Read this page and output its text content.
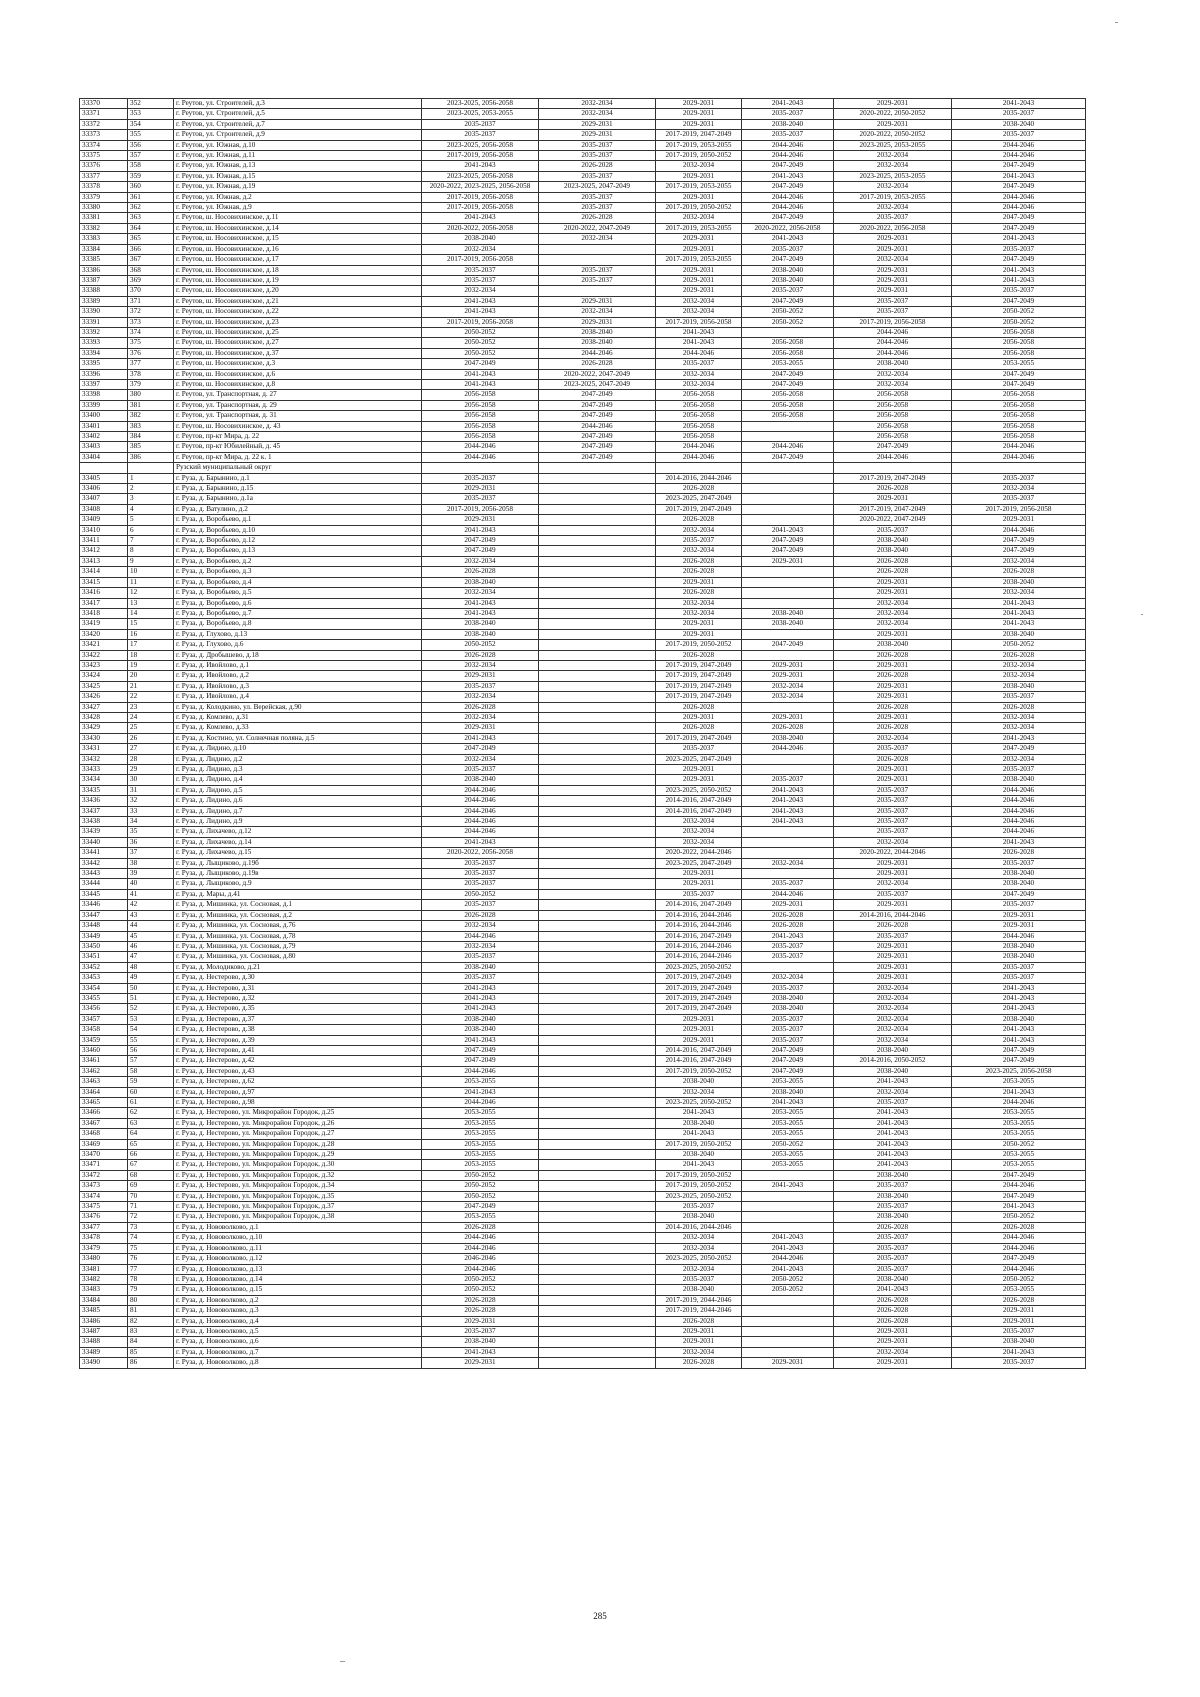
33370	352	г. Реутов, ул. Строителей, д.3	2023-2025, 2056-2058	2032-2034	2029-2031	2041-2043	2029-2031	2041-2043
33371	353	г. Реутов, ул. Строителей, д.5	2023-2025, 2053-2055	2032-2034	2029-2031	2035-2037	2020-2022, 2050-2052	2035-2037
33372	354	г. Реутов, ул. Строителей, д.7	2035-2037	2029-2031	2029-2031	2038-2040	2029-2031	2038-2040
33373	355	г. Реутов, ул. Строителей, д.9	2035-2037	2029-2031	2017-2019, 2047-2049	2035-2037	2020-2022, 2050-2052	2035-2037
33374	356	г. Реутов, ул. Южная, д.10	2023-2025, 2056-2058	2035-2037	2017-2019, 2053-2055	2044-2046	2023-2025, 2053-2055	2044-2046
33375	357	г. Реутов, ул. Южная, д.11	2017-2019, 2056-2058	2035-2037	2017-2019, 2050-2052	2044-2046	2032-2034	2044-2046
33376	358	г. Реутов, ул. Южная, д.13	2041-2043	2026-2028	2032-2034	2047-2049	2032-2034	2047-2049
33377	359	г. Реутов, ул. Южная, д.15	2023-2025, 2056-2058	2035-2037	2029-2031	2041-2043	2023-2025, 2053-2055	2041-2043
33378	360	г. Реутов, ул. Южная, д.19	2020-2022, 2023-2025, 2056-2058	2023-2025, 2047-2049	2017-2019, 2053-2055	2047-2049	2032-2034	2047-2049
33379	361	г. Реутов, ул. Южная, д.2	2017-2019, 2056-2058	2035-2037	2029-2031	2044-2046	2017-2019, 2053-2055	2044-2046
33380	362	г. Реутов, ул. Южная, д.9	2017-2019, 2056-2058	2035-2037	2017-2019, 2050-2052	2044-2046	2032-2034	2044-2046
33381	363	г. Реутов, ш. Носовихинское, д.11	2041-2043	2026-2028	2032-2034	2047-2049	2035-2037	2047-2049
33382	364	г. Реутов, ш. Носовихинское, д.14	2020-2022, 2056-2058	2020-2022, 2047-2049	2017-2019, 2053-2055	2020-2022, 2056-2058	2020-2022, 2056-2058	2047-2049
33383	365	г. Реутов, ш. Носовихинское, д.15	2038-2040	2032-2034	2029-2031	2041-2043	2029-2031	2041-2043
33384	366	г. Реутов, ш. Носовихинское, д.16	2032-2034		2029-2031	2035-2037	2029-2031	2035-2037
33385	367	г. Реутов, ш. Носовихинское, д.17	2017-2019, 2056-2058		2017-2019, 2053-2055	2047-2049	2032-2034	2047-2049
33386	368	г. Реутов, ш. Носовихинское, д.18	2035-2037	2035-2037	2029-2031	2038-2040	2029-2031	2041-2043
33387	369	г. Реутов, ш. Носовихинское, д.19	2035-2037	2035-2037	2029-2031	2038-2040	2029-2031	2041-2043
33388	370	г. Реутов, ш. Носовихинское, д.20	2032-2034		2029-2031	2035-2037	2029-2031	2035-2037
33389	371	г. Реутов, ш. Носовихинское, д.21	2041-2043	2029-2031	2032-2034	2047-2049	2035-2037	2047-2049
33390	372	г. Реутов, ш. Носовихинское, д.22	2041-2043	2032-2034	2032-2034	2050-2052	2035-2037	2050-2052
33391	373	г. Реутов, ш. Носовихинское, д.23	2017-2019, 2056-2058	2029-2031	2017-2019, 2056-2058	2050-2052	2017-2019, 2056-2058	2050-2052
33392	374	г. Реутов, ш. Носовихинское, д.25	2050-2052	2038-2040	2041-2043		2044-2046	2056-2058
33393	375	г. Реутов, ш. Носовихинское, д.27	2050-2052	2038-2040	2041-2043	2056-2058	2044-2046	2056-2058
33394	376	г. Реутов, ш. Носовихинское, д.37	2050-2052	2044-2046	2044-2046	2056-2058	2044-2046	2056-2058
33395	377	г. Реутов, ш. Носовихинское, д.3	2047-2049	2026-2028	2035-2037	2053-2055	2038-2040	2053-2055
33396	378	г. Реутов, ш. Носовихинское, д.6	2041-2043	2020-2022, 2047-2049	2032-2034	2047-2049	2032-2034	2047-2049
33397	379	г. Реутов, ш. Носовихинское, д.8	2041-2043	2023-2025, 2047-2049	2032-2034	2047-2049	2032-2034	2047-2049
33398	380	г. Реутов, ул. Транспортная, д. 27	2056-2058	2047-2049	2056-2058	2056-2058	2056-2058	2056-2058
33399	381	г. Реутов, ул. Транспортная, д. 29	2056-2058	2047-2049	2056-2058	2056-2058	2056-2058	2056-2058
33400	382	г. Реутов, ул. Транспортная, д. 31	2056-2058	2047-2049	2056-2058	2056-2058	2056-2058	2056-2058
33401	383	г. Реутов, ш. Носовихинское, д. 43	2056-2058	2044-2046	2056-2058		2056-2058	2056-2058
33402	384	г. Реутов, пр-кт Мира, д. 22	2056-2058	2047-2049	2056-2058		2056-2058	2056-2058
33403	385	г. Реутов, пр-кт Юбилейный, д. 45	2044-2046	2047-2049	2044-2046	2044-2046	2047-2049	2044-2046
33404	386	г. Реутов, пр-кт Мира, д. 22 к. 1	2044-2046	2047-2049	2044-2046	2047-2049	2044-2046	2044-2046
		Рузский муниципальный округ						
33405	1	г. Руза, д. Барынино, д.1	2035-2037		2014-2016, 2044-2046		2017-2019, 2047-2049	2035-2037
33406	2	г. Руза, д. Барынино, д.15	2029-2031		2026-2028		2026-2028	2032-2034
33407	3	г. Руза, д. Барынино, д.1а	2035-2037		2023-2025, 2047-2049		2029-2031	2035-2037
33408	4	г. Руза, д. Ватулино, д.2	2017-2019, 2056-2058		2017-2019, 2047-2049		2017-2019, 2047-2049	2017-2019, 2056-2058
33409	5	г. Руза, д. Воробьево, д.1	2029-2031		2026-2028		2020-2022, 2047-2049	2029-2031
33410	6	г. Руза, д. Воробьево, д.10	2041-2043		2032-2034	2041-2043	2035-2037	2044-2046
33411	7	г. Руза, д. Воробьево, д.12	2047-2049		2035-2037	2047-2049	2038-2040	2047-2049
33412	8	г. Руза, д. Воробьево, д.13	2047-2049		2032-2034	2047-2049	2038-2040	2047-2049
33413	9	г. Руза, д. Воробьево, д.2	2032-2034		2026-2028	2029-2031	2026-2028	2032-2034
33414	10	г. Руза, д. Воробьево, д.3	2026-2028		2026-2028		2026-2028	2026-2028
33415	11	г. Руза, д. Воробьево, д.4	2038-2040		2029-2031		2029-2031	2038-2040
33416	12	г. Руза, д. Воробьево, д.5	2032-2034		2026-2028		2029-2031	2032-2034
33417	13	г. Руза, д. Воробьево, д.6	2041-2043		2032-2034		2032-2034	2041-2043
33418	14	г. Руза, д. Воробьево, д.7	2041-2043		2032-2034	2038-2040	2032-2034	2041-2043
33419	15	г. Руза, д. Воробьево, д.8	2038-2040		2029-2031	2038-2040	2032-2034	2041-2043
33420	16	г. Руза, д. Глухово, д.13	2038-2040		2029-2031		2029-2031	2038-2040
33421	17	г. Руза, д. Глухово, д.6	2050-2052		2017-2019, 2050-2052	2047-2049	2038-2040	2050-2052
33422	18	г. Руза, д. Дробышево, д.18	2026-2028		2026-2028		2026-2028	2026-2028
33423	19	г. Руза, д. Ивойлово, д.1	2032-2034		2017-2019, 2047-2049	2029-2031	2029-2031	2032-2034
33424	20	г. Руза, д. Ивойлово, д.2	2029-2031		2017-2019, 2047-2049	2029-2031	2026-2028	2032-2034
33425	21	г. Руза, д. Ивойлово, д.3	2035-2037		2017-2019, 2047-2049	2032-2034	2029-2031	2038-2040
33426	22	г. Руза, д. Ивойлово, д.4	2032-2034		2017-2019, 2047-2049	2032-2034	2029-2031	2035-2037
33427	23	г. Руза, д. Колодкино, ул. Верейская, д.90	2026-2028		2026-2028		2026-2028	2026-2028
33428	24	г. Руза, д. Комлево, д.31	2032-2034		2029-2031	2029-2031	2029-2031	2032-2034
33429	25	г. Руза, д. Комлево, д.33	2029-2031		2026-2028	2026-2028	2026-2028	2032-2034
33430	26	г. Руза, д. Костино, ул. Солнечная поляна, д.5	2041-2043		2017-2019, 2047-2049	2038-2040	2032-2034	2041-2043
33431	27	г. Руза, д. Лидино, д.10	2047-2049		2035-2037	2044-2046	2035-2037	2047-2049
33432	28	г. Руза, д. Лидино, д.2	2032-2034		2023-2025, 2047-2049		2026-2028	2032-2034
33433	29	г. Руза, д. Лидино, д.3	2035-2037		2029-2031		2029-2031	2035-2037
33434	30	г. Руза, д. Лидино, д.4	2038-2040		2029-2031	2035-2037	2029-2031	2038-2040
33435	31	г. Руза, д. Лидино, д.5	2044-2046		2023-2025, 2050-2052	2041-2043	2035-2037	2044-2046
33436	32	г. Руза, д. Лидино, д.6	2044-2046		2014-2016, 2047-2049	2041-2043	2035-2037	2044-2046
33437	33	г. Руза, д. Лидино, д.7	2044-2046		2014-2016, 2047-2049	2041-2043	2035-2037	2044-2046
33438	34	г. Руза, д. Лидино, д.9	2044-2046		2032-2034	2041-2043	2035-2037	2044-2046
33439	35	г. Руза, д. Лихачево, д.12	2044-2046		2032-2034		2035-2037	2044-2046
33440	36	г. Руза, д. Лихачево, д.14	2041-2043		2032-2034		2032-2034	2041-2043
33441	37	г. Руза, д. Лихачево, д.15	2020-2022, 2056-2058		2020-2022, 2044-2046		2020-2022, 2044-2046	2026-2028
33442	38	г. Руза, д. Лыщиково, д.19б	2035-2037		2023-2025, 2047-2049	2032-2034	2029-2031	2035-2037
33443	39	г. Руза, д. Лыщиково, д.19в	2035-2037		2029-2031		2029-2031	2038-2040
33444	40	г. Руза, д. Лыщиково, д.9	2035-2037		2029-2031	2035-2037	2032-2034	2038-2040
33445	41	г. Руза, д. Мары, д.41	2050-2052		2035-2037	2044-2046	2035-2037	2047-2049
33446	42	г. Руза, д. Мишинка, ул. Сосновая, д.1	2035-2037		2014-2016, 2047-2049	2029-2031	2029-2031	2035-2037
33447	43	г. Руза, д. Мишинка, ул. Сосновая, д.2	2026-2028		2014-2016, 2044-2046	2026-2028	2014-2016, 2044-2046	2029-2031
33448	44	г. Руза, д. Мишинка, ул. Сосновая, д.76	2032-2034		2014-2016, 2044-2046	2026-2028	2026-2028	2029-2031
33449	45	г. Руза, д. Мишинка, ул. Сосновая, д.78	2044-2046		2014-2016, 2047-2049	2041-2043	2035-2037	2044-2046
33450	46	г. Руза, д. Мишинка, ул. Сосновая, д.79	2032-2034		2014-2016, 2044-2046	2035-2037	2029-2031	2038-2040
33451	47	г. Руза, д. Мишинка, ул. Сосновая, д.80	2035-2037		2014-2016, 2044-2046	2035-2037	2029-2031	2038-2040
33452	48	г. Руза, д. Молодиково, д.21	2038-2040		2023-2025, 2050-2052		2029-2031	2035-2037
33453	49	г. Руза, д. Нестерово, д.30	2035-2037		2017-2019, 2047-2049	2032-2034	2029-2031	2035-2037
33454	50	г. Руза, д. Нестерово, д.31	2041-2043		2017-2019, 2047-2049	2035-2037	2032-2034	2041-2043
33455	51	г. Руза, д. Нестерово, д.32	2041-2043		2017-2019, 2047-2049	2038-2040	2032-2034	2041-2043
33456	52	г. Руза, д. Нестерово, д.35	2041-2043		2017-2019, 2047-2049	2038-2040	2032-2034	2041-2043
33457	53	г. Руза, д. Нестерово, д.37	2038-2040		2029-2031	2035-2037	2032-2034	2038-2040
33458	54	г. Руза, д. Нестерово, д.38	2038-2040		2029-2031	2035-2037	2032-2034	2041-2043
33459	55	г. Руза, д. Нестерово, д.39	2041-2043		2029-2031	2035-2037	2032-2034	2041-2043
33460	56	г. Руза, д. Нестерово, д.41	2047-2049		2014-2016, 2047-2049	2047-2049	2038-2040	2047-2049
33461	57	г. Руза, д. Нестерово, д.42	2047-2049		2014-2016, 2047-2049	2047-2049	2014-2016, 2050-2052	2047-2049
33462	58	г. Руза, д. Нестерово, д.43	2044-2046		2017-2019, 2050-2052	2047-2049	2038-2040	2023-2025, 2056-2058
33463	59	г. Руза, д. Нестерово, д.62	2053-2055		2038-2040	2053-2055	2041-2043	2053-2055
33464	60	г. Руза, д. Нестерово, д.97	2041-2043		2032-2034	2038-2040	2032-2034	2041-2043
33465	61	г. Руза, д. Нестерово, д.98	2044-2046		2023-2025, 2050-2052	2041-2043	2035-2037	2044-2046
33466	62	г. Руза, д. Нестерово, ул. Микрорайон Городок, д.25	2053-2055		2041-2043	2053-2055	2041-2043	2053-2055
33467	63	г. Руза, д. Нестерово, ул. Микрорайон Городок, д.26	2053-2055		2038-2040	2053-2055	2041-2043	2053-2055
33468	64	г. Руза, д. Нестерово, ул. Микрорайон Городок, д.27	2053-2055		2041-2043	2053-2055	2041-2043	2053-2055
33469	65	г. Руза, д. Нестерово, ул. Микрорайон Городок, д.28	2053-2055		2017-2019, 2050-2052	2050-2052	2041-2043	2050-2052
33470	66	г. Руза, д. Нестерово, ул. Микрорайон Городок, д.29	2053-2055		2038-2040	2053-2055	2041-2043	2053-2055
33471	67	г. Руза, д. Нестерово, ул. Микрорайон Городок, д.30	2053-2055		2041-2043	2053-2055	2041-2043	2053-2055
33472	68	г. Руза, д. Нестерово, ул. Микрорайон Городок, д.32	2050-2052		2017-2019, 2050-2052		2038-2040	2047-2049
33473	69	г. Руза, д. Нестерово, ул. Микрорайон Городок, д.34	2050-2052		2017-2019, 2050-2052	2041-2043	2035-2037	2044-2046
33474	70	г. Руза, д. Нестерово, ул. Микрорайон Городок, д.35	2050-2052		2023-2025, 2050-2052		2038-2040	2047-2049
33475	71	г. Руза, д. Нестерово, ул. Микрорайон Городок, д.37	2047-2049		2035-2037		2035-2037	2041-2043
33476	72	г. Руза, д. Нестерово, ул. Микрорайон Городок, д.38	2053-2055		2038-2040		2038-2040	2050-2052
33477	73	г. Руза, д. Нововолково, д.1	2026-2028		2014-2016, 2044-2046		2026-2028	2026-2028
33478	74	г. Руза, д. Нововолково, д.10	2044-2046		2032-2034	2041-2043	2035-2037	2044-2046
33479	75	г. Руза, д. Нововолково, д.11	2044-2046		2032-2034	2041-2043	2035-2037	2044-2046
33480	76	г. Руза, д. Нововолково, д.12	2046-2046		2023-2025, 2050-2052	2044-2046	2035-2037	2047-2049
33481	77	г. Руза, д. Нововолково, д.13	2044-2046		2032-2034	2041-2043	2035-2037	2044-2046
33482	78	г. Руза, д. Нововолково, д.14	2050-2052		2035-2037	2050-2052	2038-2040	2050-2052
33483	79	г. Руза, д. Нововолково, д.15	2050-2052		2038-2040	2050-2052	2041-2043	2053-2055
33484	80	г. Руза, д. Нововолково, д.2	2026-2028		2017-2019, 2044-2046		2026-2028	2026-2028
33485	81	г. Руза, д. Нововолково, д.3	2026-2028		2017-2019, 2044-2046		2026-2028	2029-2031
33486	82	г. Руза, д. Нововолково, д.4	2029-2031		2026-2028		2026-2028	2029-2031
33487	83	г. Руза, д. Нововолково, д.5	2035-2037		2029-2031		2029-2031	2035-2037
33488	84	г. Руза, д. Нововолково, д.6	2038-2040		2029-2031		2029-2031	2038-2040
33489	85	г. Руза, д. Нововолково, д.7	2041-2043		2032-2034		2032-2034	2041-2043
33490	86	г. Руза, д. Нововолково, д.8	2029-2031		2026-2028	2029-2031	2029-2031	2035-2037
285
